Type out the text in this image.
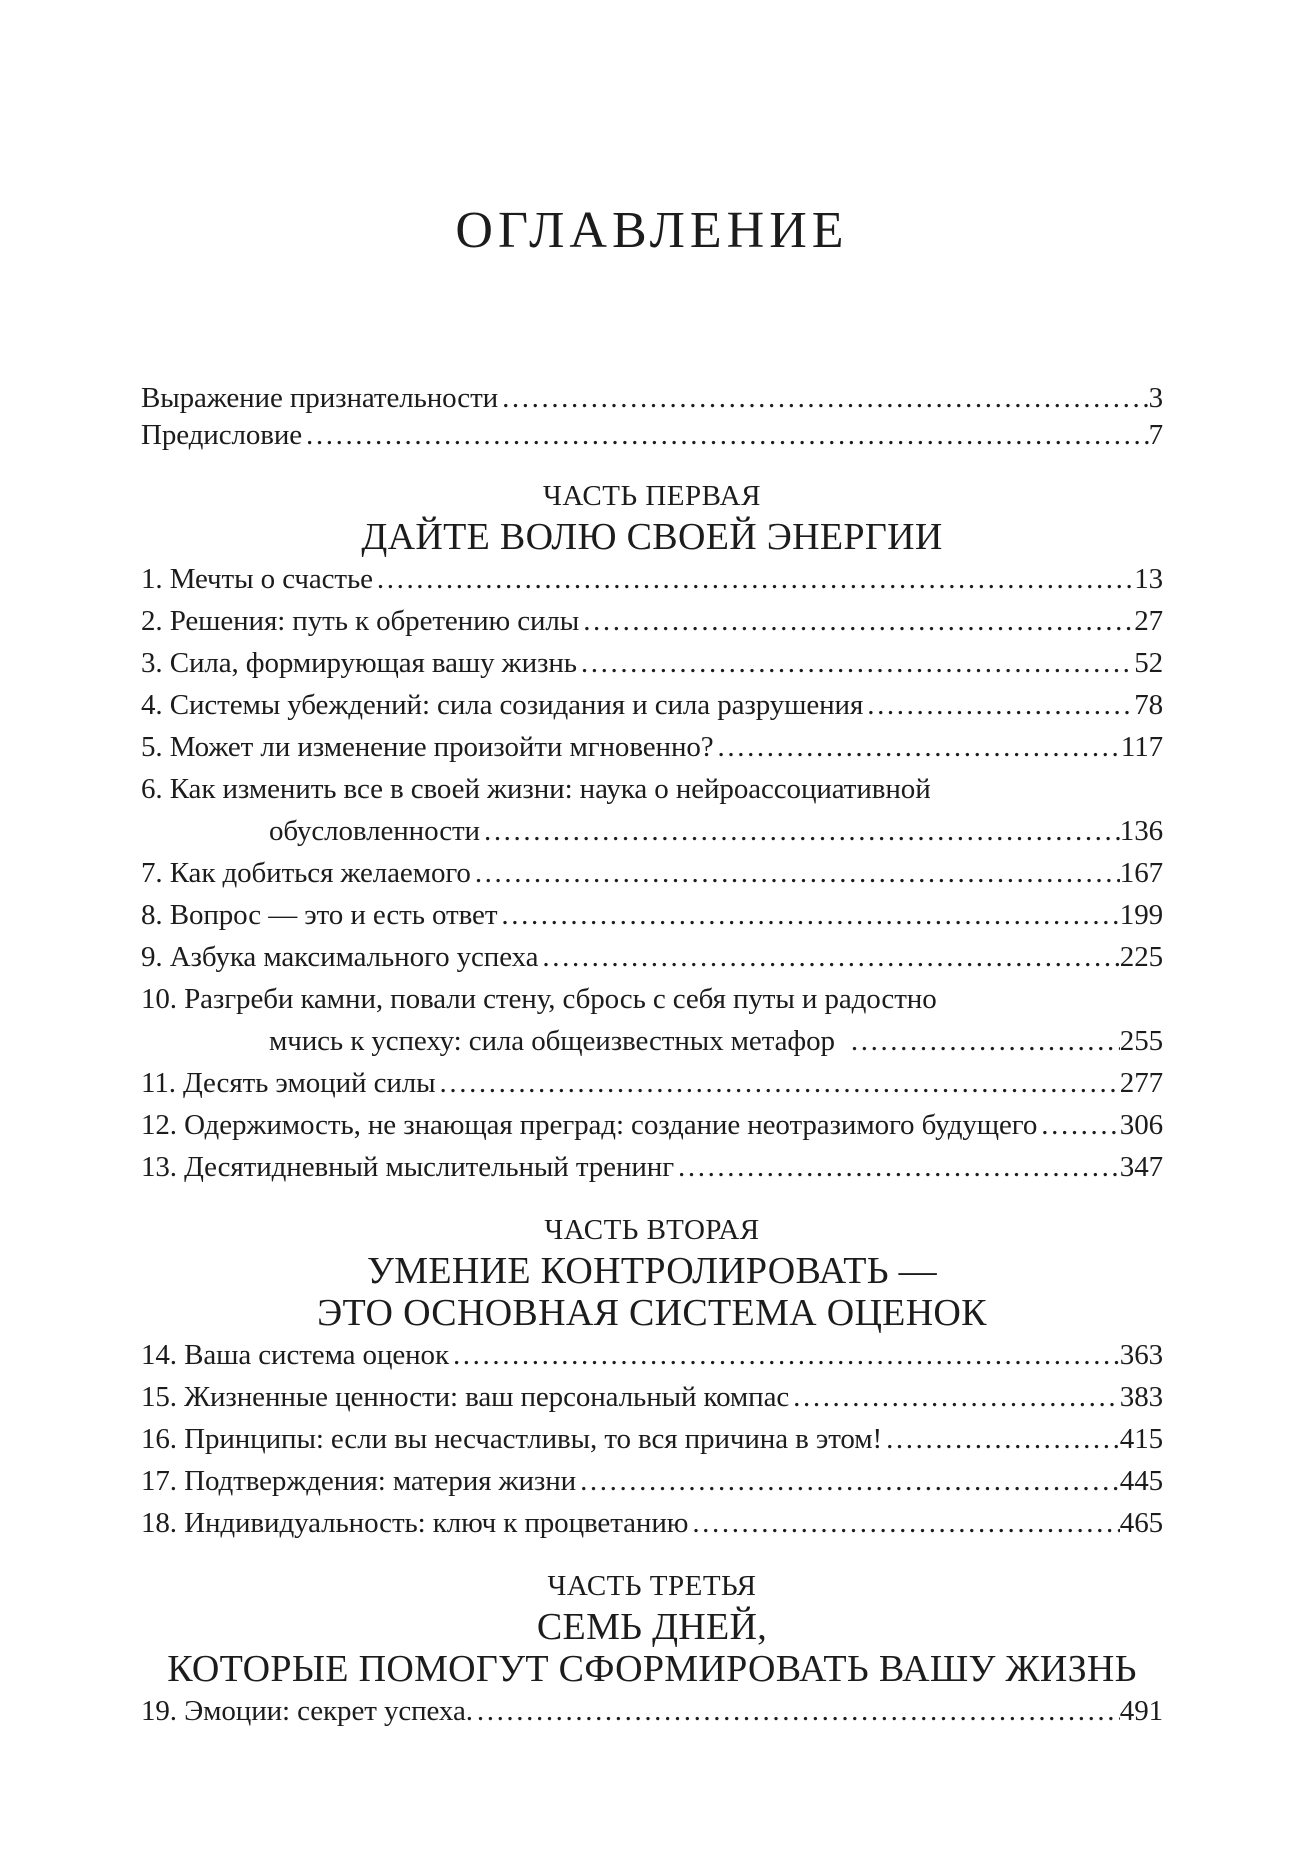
ОГЛАВЛЕНИЕ
Выражение признательности .....	3
Предисловие .....	7
ЧАСТЬ ПЕРВАЯ
ДАЙТЕ ВОЛЮ СВОЕЙ ЭНЕРГИИ
1. Мечты о счастье .....	13
2. Решения: путь к обретению силы .....	27
3. Сила, формирующая вашу жизнь .....	52
4. Системы убеждений: сила созидания и сила разрушения .....	78
5. Может ли изменение произойти мгновенно? .....	117
6. Как изменить все в своей жизни: наука о нейроассоциативной
обусловленности .....	136
7. Как добиться желаемого .....	167
8. Вопрос — это и есть ответ .....	199
9. Азбука максимального успеха .....	225
10. Разгреби камни, повали стену, сбрось с себя путы и радостно
мчись к успеху: сила общеизвестных метафор .....	255
11. Десять эмоций силы .....	277
12. Одержимость, не знающая преград: создание неотразимого будущего .....	306
13. Десятидневный мыслительный тренинг .....	347
ЧАСТЬ ВТОРАЯ
УМЕНИЕ КОНТРОЛИРОВАТЬ —
ЭТО ОСНОВНАЯ СИСТЕМА ОЦЕНОК
14. Ваша система оценок .....	363
15. Жизненные ценности: ваш персональный компас .....	383
16. Принципы: если вы несчастливы, то вся причина в этом! .....	415
17. Подтверждения: материя жизни .....	445
18. Индивидуальность: ключ к процветанию .....	465
ЧАСТЬ ТРЕТЬЯ
СЕМЬ ДНЕЙ,
КОТОРЫЕ ПОМОГУТ СФОРМИРОВАТЬ ВАШУ ЖИЗНЬ
19. Эмоции: секрет успеха. .....	491
